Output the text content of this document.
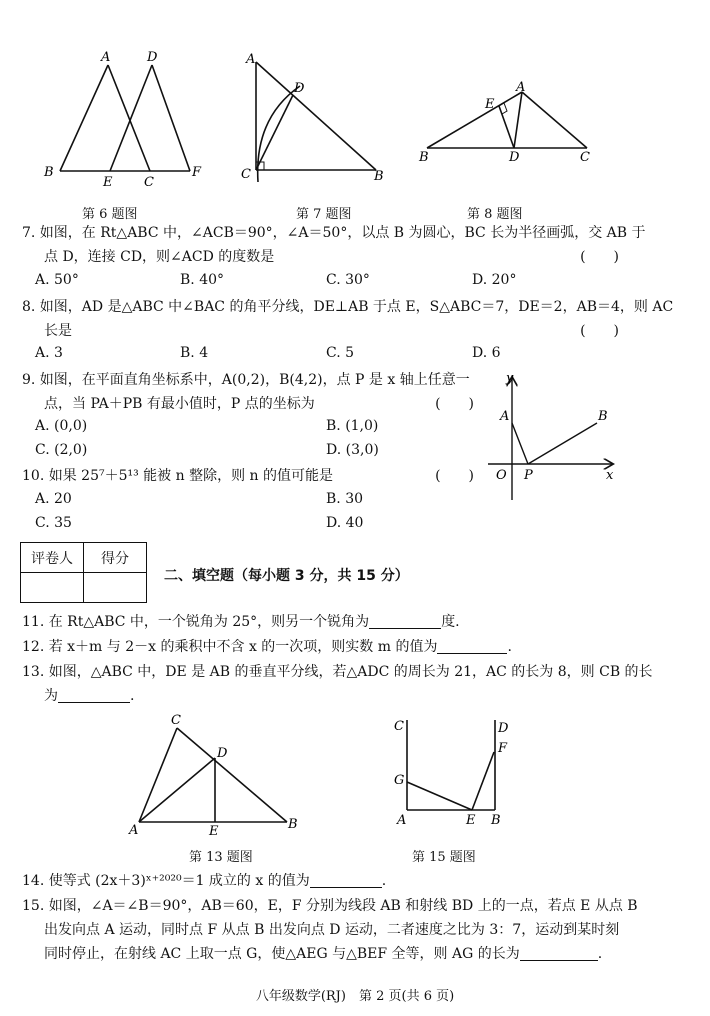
A	D
B
E C
F
第 6 题图
A
D
C	B
第 7 题图
E
A
B	D	C
第 8 题图
7. 如图，在 Rt△ABC 中，∠ACB＝90°，∠A＝50°，以点 B 为圆心，BC 长为半径画弧，交 AB 于
点 D，连接 CD，则∠ACD 的度数是	(　　)
A. 50°	B. 40°	C. 30°	D. 20°
8. 如图，AD 是△ABC 中∠BAC 的角平分线，DE⊥AB 于点 E，S△ABC＝7，DE＝2，AB＝4，则 AC
长是	(　　)
A. 3	B. 4	C. 5	D. 6
y
A	B
O P	x
9. 如图，在平面直角坐标系中，A(0,2)，B(4,2)，点 P 是 x 轴上任意一
点，当 PA＋PB 有最小值时，P 点的坐标为	(　　)
A. (0,0)	B. (1,0)
C. (2,0)	D. (3,0)
10. 如果 25⁷＋5¹³ 能被 n 整除，则 n 的值可能是	(　　)
A. 20	B. 30
C. 35	D. 40
评卷人	得分

二、填空题（每小题 3 分，共 15 分）
11. 在 Rt△ABC 中，一个锐角为 25°，则另一个锐角为	度.
12. 若 x＋m 与 2－x 的乘积中不含 x 的一次项，则实数 m 的值为	.
13. 如图，△ABC 中，DE 是 AB 的垂直平分线，若△ADC 的周长为 21，AC 的长为 8，则 CB 的长
为	.
C
D
A	E	B
第 13 题图
C	D
F
G
A	E B
第 15 题图
14. 使等式 (2x＋3)ˣ⁺²⁰²⁰＝1 成立的 x 的值为	.
15. 如图，∠A＝∠B＝90°，AB＝60，E，F 分别为线段 AB 和射线 BD 上的一点，若点 E 从点 B
出发向点 A 运动，同时点 F 从点 B 出发向点 D 运动，二者速度之比为 3：7，运动到某时刻
同时停止，在射线 AC 上取一点 G，使△AEG 与△BEF 全等，则 AG 的长为	.
八年级数学(RJ)　第 2 页(共 6 页)
